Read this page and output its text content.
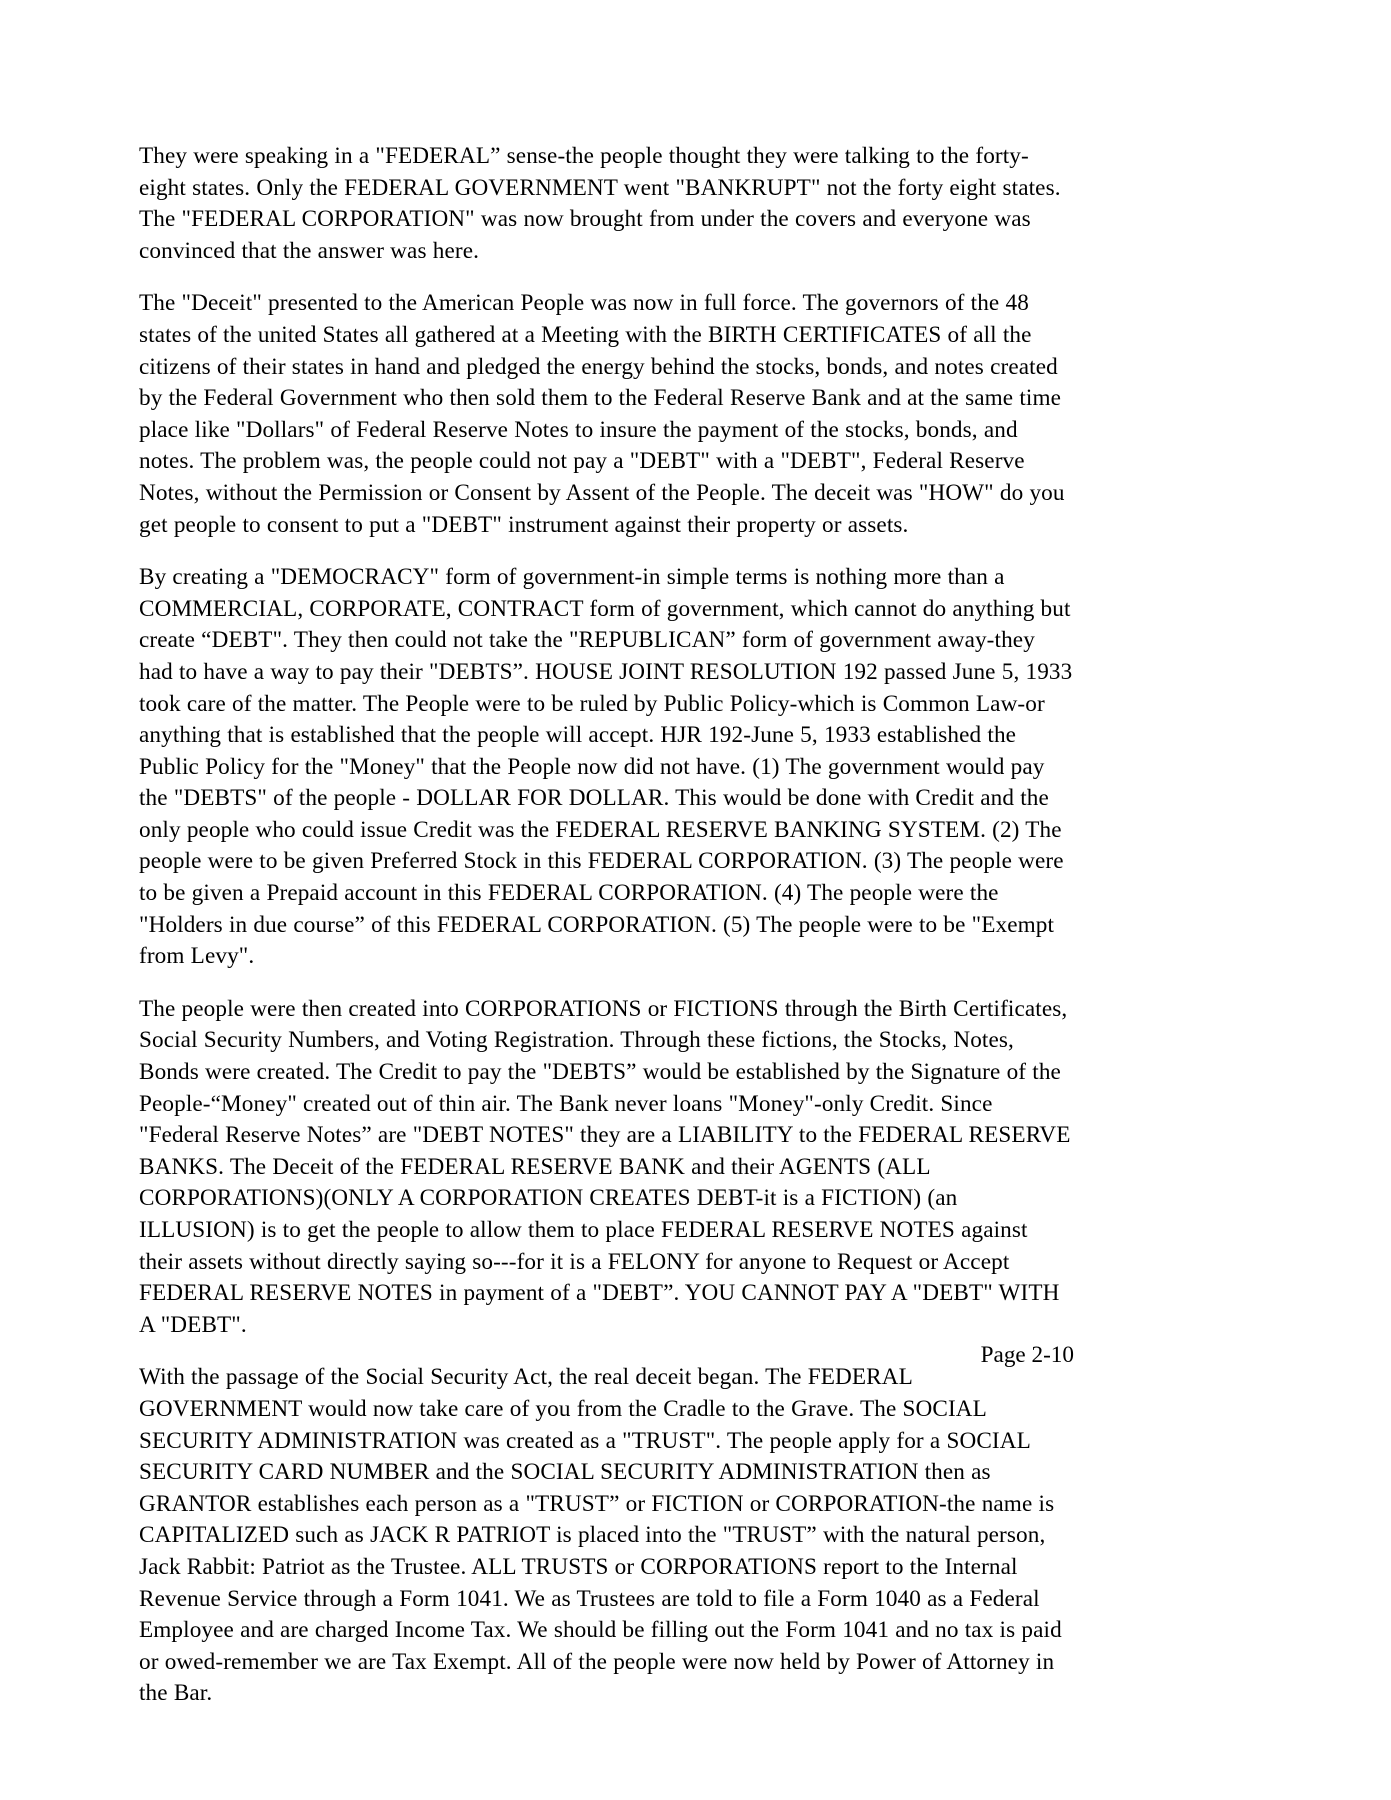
They were speaking in a "FEDERAL” sense-the people thought they were talking to the forty-eight states. Only the FEDERAL GOVERNMENT went "BANKRUPT" not the forty eight states. The "FEDERAL CORPORATION" was now brought from under the covers and everyone was convinced that the answer was here.

The "Deceit" presented to the American People was now in full force. The governors of the 48 states of the united States all gathered at a Meeting with the BIRTH CERTIFICATES of all the citizens of their states in hand and pledged the energy behind the stocks, bonds, and notes created by the Federal Government who then sold them to the Federal Reserve Bank and at the same time place like "Dollars" of Federal Reserve Notes to insure the payment of the stocks, bonds, and notes. The problem was, the people could not pay a "DEBT" with a "DEBT", Federal Reserve Notes, without the Permission or Consent by Assent of the People. The deceit was "HOW" do you get people to consent to put a "DEBT" instrument against their property or assets.

By creating a "DEMOCRACY" form of government-in simple terms is nothing more than a COMMERCIAL, CORPORATE, CONTRACT form of government, which cannot do anything but create “DEBT". They then could not take the "REPUBLICAN” form of government away-they had to have a way to pay their "DEBTS”. HOUSE JOINT RESOLUTION 192 passed June 5, 1933 took care of the matter. The People were to be ruled by Public Policy-which is Common Law-or anything that is established that the people will accept. HJR 192-June 5, 1933 established the Public Policy for the "Money" that the People now did not have. (1) The government would pay the "DEBTS" of the people - DOLLAR FOR DOLLAR. This would be done with Credit and the only people who could issue Credit was the FEDERAL RESERVE BANKING SYSTEM. (2) The people were to be given Preferred Stock in this FEDERAL CORPORATION. (3) The people were to be given a Prepaid account in this FEDERAL CORPORATION. (4) The people were the "Holders in due course” of this FEDERAL CORPORATION. (5) The people were to be "Exempt from Levy".

The people were then created into CORPORATIONS or FICTIONS through the Birth Certificates, Social Security Numbers, and Voting Registration. Through these fictions, the Stocks, Notes, Bonds were created. The Credit to pay the "DEBTS” would be established by the Signature of the People-“Money" created out of thin air. The Bank never loans "Money"-only Credit. Since "Federal Reserve Notes” are "DEBT NOTES" they are a LIABILITY to the FEDERAL RESERVE BANKS. The Deceit of the FEDERAL RESERVE BANK and their AGENTS (ALL CORPORATIONS)(ONLY A CORPORATION CREATES DEBT-it is a FICTION) (an ILLUSION) is to get the people to allow them to place FEDERAL RESERVE NOTES against their assets without directly saying so---for it is a FELONY for anyone to Request or Accept FEDERAL RESERVE NOTES in payment of a "DEBT”. YOU CANNOT PAY A "DEBT" WITH A "DEBT".

With the passage of the Social Security Act, the real deceit began. The FEDERAL GOVERNMENT would now take care of you from the Cradle to the Grave. The SOCIAL SECURITY ADMINISTRATION was created as a "TRUST". The people apply for a SOCIAL SECURITY CARD NUMBER and the SOCIAL SECURITY ADMINISTRATION then as GRANTOR establishes each person as a "TRUST” or FICTION or CORPORATION-the name is CAPITALIZED such as JACK R PATRIOT is placed into the "TRUST” with the natural person, Jack Rabbit: Patriot as the Trustee. ALL TRUSTS or CORPORATIONS report to the Internal Revenue Service through a Form 1041. We as Trustees are told to file a Form 1040 as a Federal Employee and are charged Income Tax. We should be filling out the Form 1041 and no tax is paid or owed-remember we are Tax Exempt. All of the people were now held by Power of Attorney in the Bar.

Page 2-10
